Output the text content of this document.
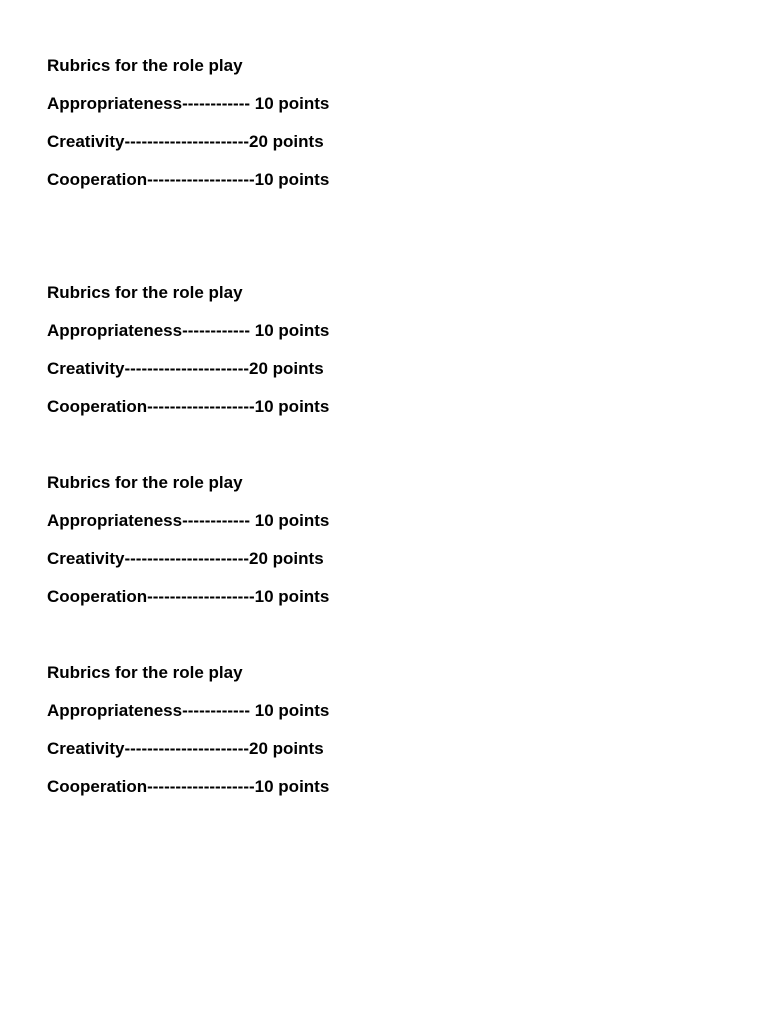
Rubrics for the role play
Appropriateness------------ 10 points
Creativity----------------------20 points
Cooperation-------------------10 points
Rubrics for the role play
Appropriateness------------ 10 points
Creativity----------------------20 points
Cooperation-------------------10 points
Rubrics for the role play
Appropriateness------------ 10 points
Creativity----------------------20 points
Cooperation-------------------10 points
Rubrics for the role play
Appropriateness------------ 10 points
Creativity----------------------20 points
Cooperation-------------------10 points
